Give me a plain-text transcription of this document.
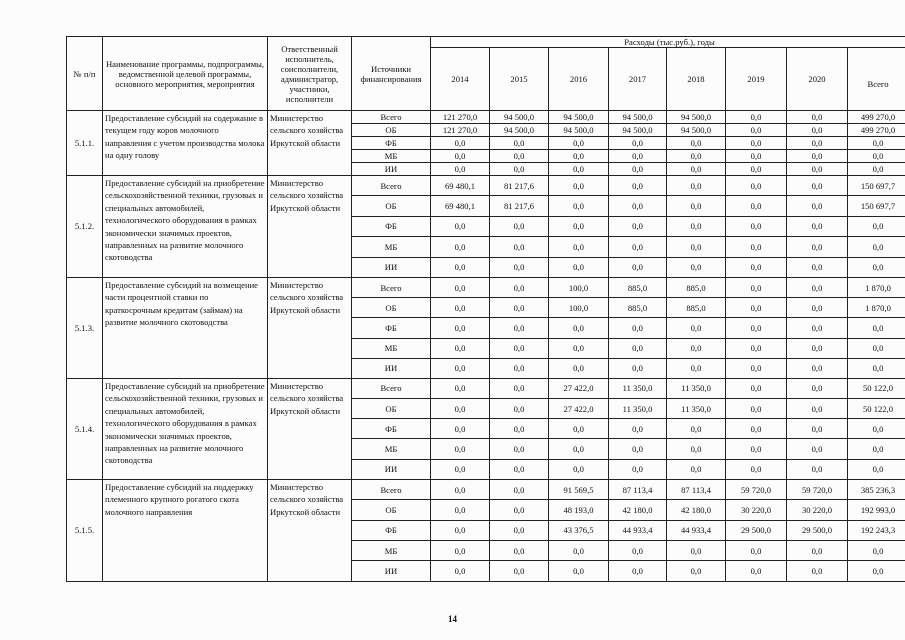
№ п/п	Наименование программы, подпрограммы, ведомственной целевой программы, основного мероприятия, мероприятия	Ответственный исполнитель, соисполнители, администратор, участники, исполнители	Источники финансирования	Расходы (тыс.руб.), годы							
				2014	2015	2016	2017	2018	2019	2020	Всего
5.1.1.	Предоставление субсидий на содержание в текущем году коров молочного направления с учетом производства молока на одну голову	Министерство сельского хозяйства Иркутской области	Всего	121 270,0	94 500,0	94 500,0	94 500,0	94 500,0	0,0	0,0	499 270,0
			ОБ	121 270,0	94 500,0	94 500,0	94 500,0	94 500,0	0,0	0,0	499 270,0
			ФБ	0,0	0,0	0,0	0,0	0,0	0,0	0,0	0,0
			МБ	0,0	0,0	0,0	0,0	0,0	0,0	0,0	0,0
			ИИ	0,0	0,0	0,0	0,0	0,0	0,0	0,0	0,0
5.1.2.	Предоставление субсидий на приобретение сельскохозяйственной техники, грузовых и специальных автомобилей, технологического оборудования в рамках экономически значимых проектов, направленных на развитие молочного скотоводства	Министерство сельского хозяйства Иркутской области	Всего	69 480,1	81 217,6	0,0	0,0	0,0	0,0	0,0	150 697,7
			ОБ	69 480,1	81 217,6	0,0	0,0	0,0	0,0	0,0	150 697,7
			ФБ	0,0	0,0	0,0	0,0	0,0	0,0	0,0	0,0
			МБ	0,0	0,0	0,0	0,0	0,0	0,0	0,0	0,0
			ИИ	0,0	0,0	0,0	0,0	0,0	0,0	0,0	0,0
5.1.3.	Предоставление субсидий на возмещение части процентной ставки по краткосрочным кредитам (займам) на развитие молочного скотоводства	Министерство сельского хозяйства Иркутской области	Всего	0,0	0,0	100,0	885,0	885,0	0,0	0,0	1 870,0
			ОБ	0,0	0,0	100,0	885,0	885,0	0,0	0,0	1 870,0
			ФБ	0,0	0,0	0,0	0,0	0,0	0,0	0,0	0,0
			МБ	0,0	0,0	0,0	0,0	0,0	0,0	0,0	0,0
			ИИ	0,0	0,0	0,0	0,0	0,0	0,0	0,0	0,0
5.1.4.	Предоставление субсидий на приобретение сельскохозяйственной техники, грузовых и специальных автомобилей, технологического оборудования в рамках экономически значимых проектов, направленных на развитие молочного скотоводства	Министерство сельского хозяйства Иркутской области	Всего	0,0	0,0	27 422,0	11 350,0	11 350,0	0,0	0,0	50 122,0
			ОБ	0,0	0,0	27 422,0	11 350,0	11 350,0	0,0	0,0	50 122,0
			ФБ	0,0	0,0	0,0	0,0	0,0	0,0	0,0	0,0
			МБ	0,0	0,0	0,0	0,0	0,0	0,0	0,0	0,0
			ИИ	0,0	0,0	0,0	0,0	0,0	0,0	0,0	0,0
5.1.5.	Предоставление субсидий на поддержку племенного крупного рогатого скота молочного направления	Министерство сельского хозяйства Иркутской области	Всего	0,0	0,0	91 569,5	87 113,4	87 113,4	59 720,0	59 720,0	385 236,3
			ОБ	0,0	0,0	48 193,0	42 180,0	42 180,0	30 220,0	30 220,0	192 993,0
			ФБ	0,0	0,0	43 376,5	44 933,4	44 933,4	29 500,0	29 500,0	192 243,3
			МБ	0,0	0,0	0,0	0,0	0,0	0,0	0,0	0,0
			ИИ	0,0	0,0	0,0	0,0	0,0	0,0	0,0	0,0
14
